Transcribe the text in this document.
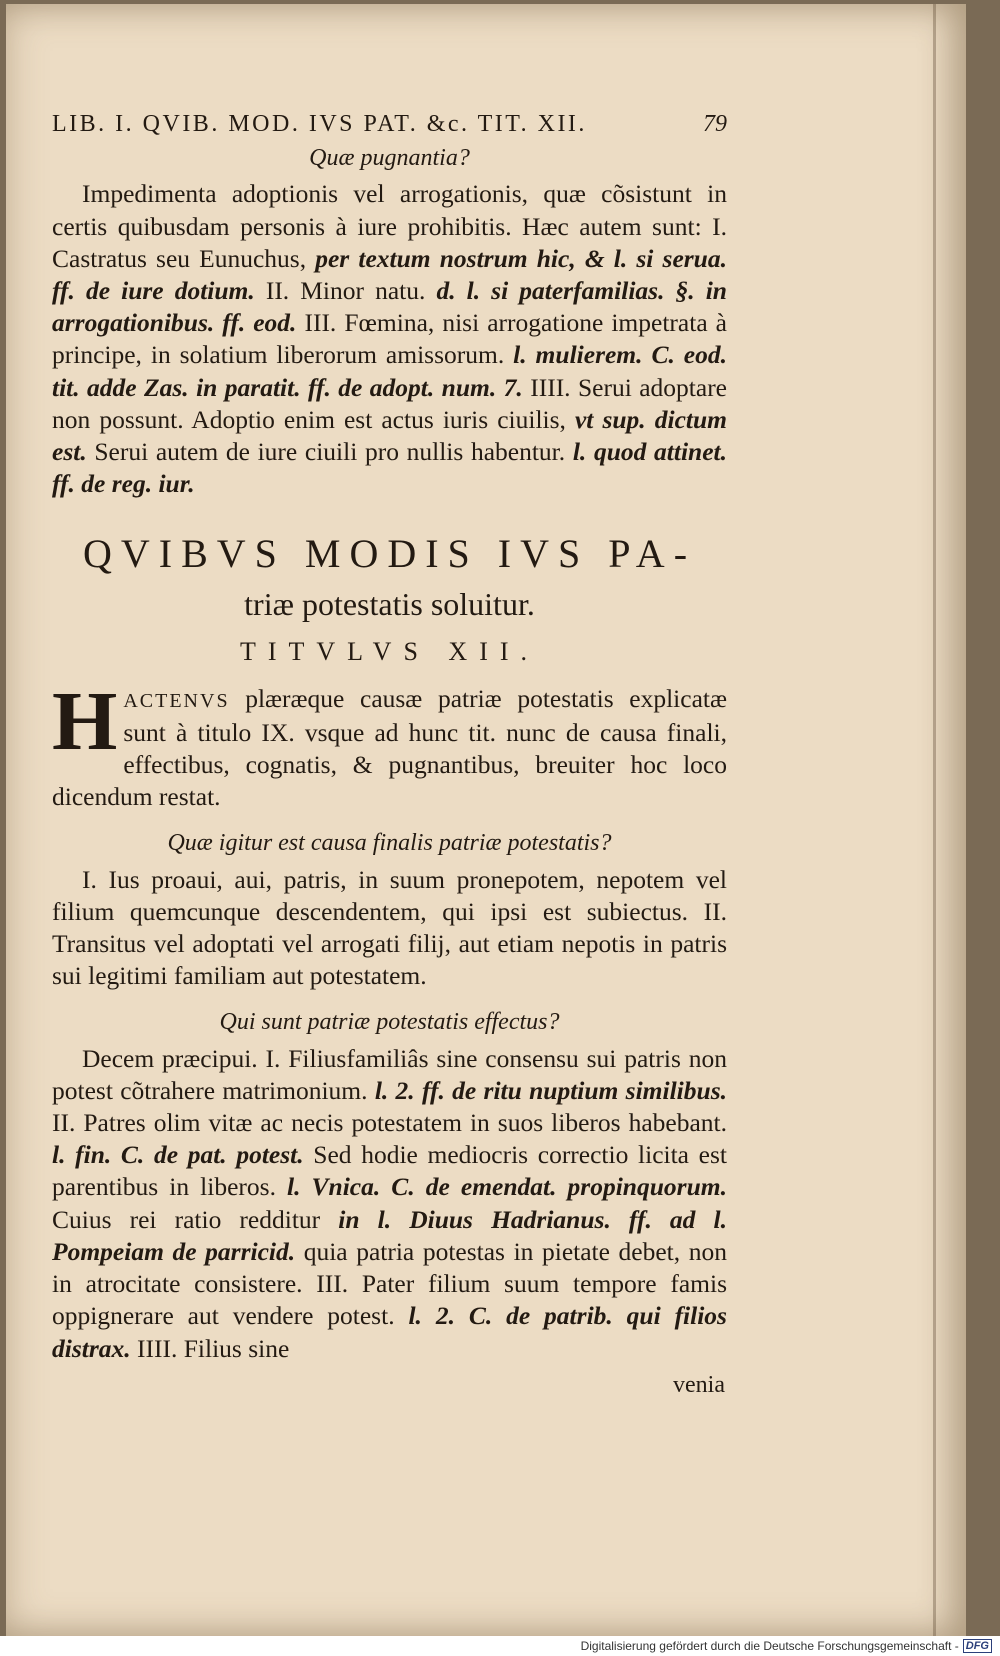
LIB. I. QVIB. MOD. IVS PAT. &c. TIT. XII.	79
Quæ pugnantia?

Impedimenta adoptionis vel arrogationis, quæ cõsistunt in certis quibusdam personis à iure prohibitis. Hæc autem sunt: I. Castratus seu Eunuchus, per textum nostrum hic, & l. si serua. ff. de iure dotium. II. Minor natu. d. l. si paterfamilias. §. in arrogationibus. ff. eod. III. Fœmina, nisi arrogatione impetrata à principe, in solatium liberorum amissorum. l. mulierem. C. eod. tit. adde Zas. in paratit. ff. de adopt. num. 7. IIII. Serui adoptare non possunt. Adoptio enim est actus iuris ciuilis, vt sup. dictum est. Serui autem de iure ciuili pro nullis habentur. l. quod attinet. ff. de reg. iur.

QVIBVS MODIS IVS PA-
triæ potestatis soluitur.
TITVLVS XII.

HACTENVS plæræque causæ patriæ potestatis explicatæ sunt à titulo IX. vsque ad hunc tit. nunc de causa finali, effectibus, cognatis, & pugnantibus, breuiter hoc loco dicendum restat.

Quæ igitur est causa finalis patriæ potestatis?

I. Ius proaui, aui, patris, in suum pronepotem, nepotem vel filium quemcunque descendentem, qui ipsi est subiectus. II. Transitus vel adoptati vel arrogati filij, aut etiam nepotis in patris sui legitimi familiam aut potestatem.

Qui sunt patriæ potestatis effectus?

Decem præcipui. I. Filiusfamiliâs sine consensu sui patris non potest cõtrahere matrimonium. l. 2. ff. de ritu nuptium similibus. II. Patres olim vitæ ac necis potestatem in suos liberos habebant. l. fin. C. de pat. potest. Sed hodie mediocris correctio licita est parentibus in liberos. l. Vnica. C. de emendat. propinquorum. Cuius rei ratio redditur in l. Diuus Hadrianus. ff. ad l. Pompeiam de parricid. quia patria potestas in pietate debet, non in atrocitate consistere. III. Pater filium suum tempore famis oppignerare aut vendere potest. l. 2. C. de patrib. qui filios distrax. IIII. Filius sine

venia
Digitalisierung gefördert durch die Deutsche Forschungsgemeinschaft - DFG
